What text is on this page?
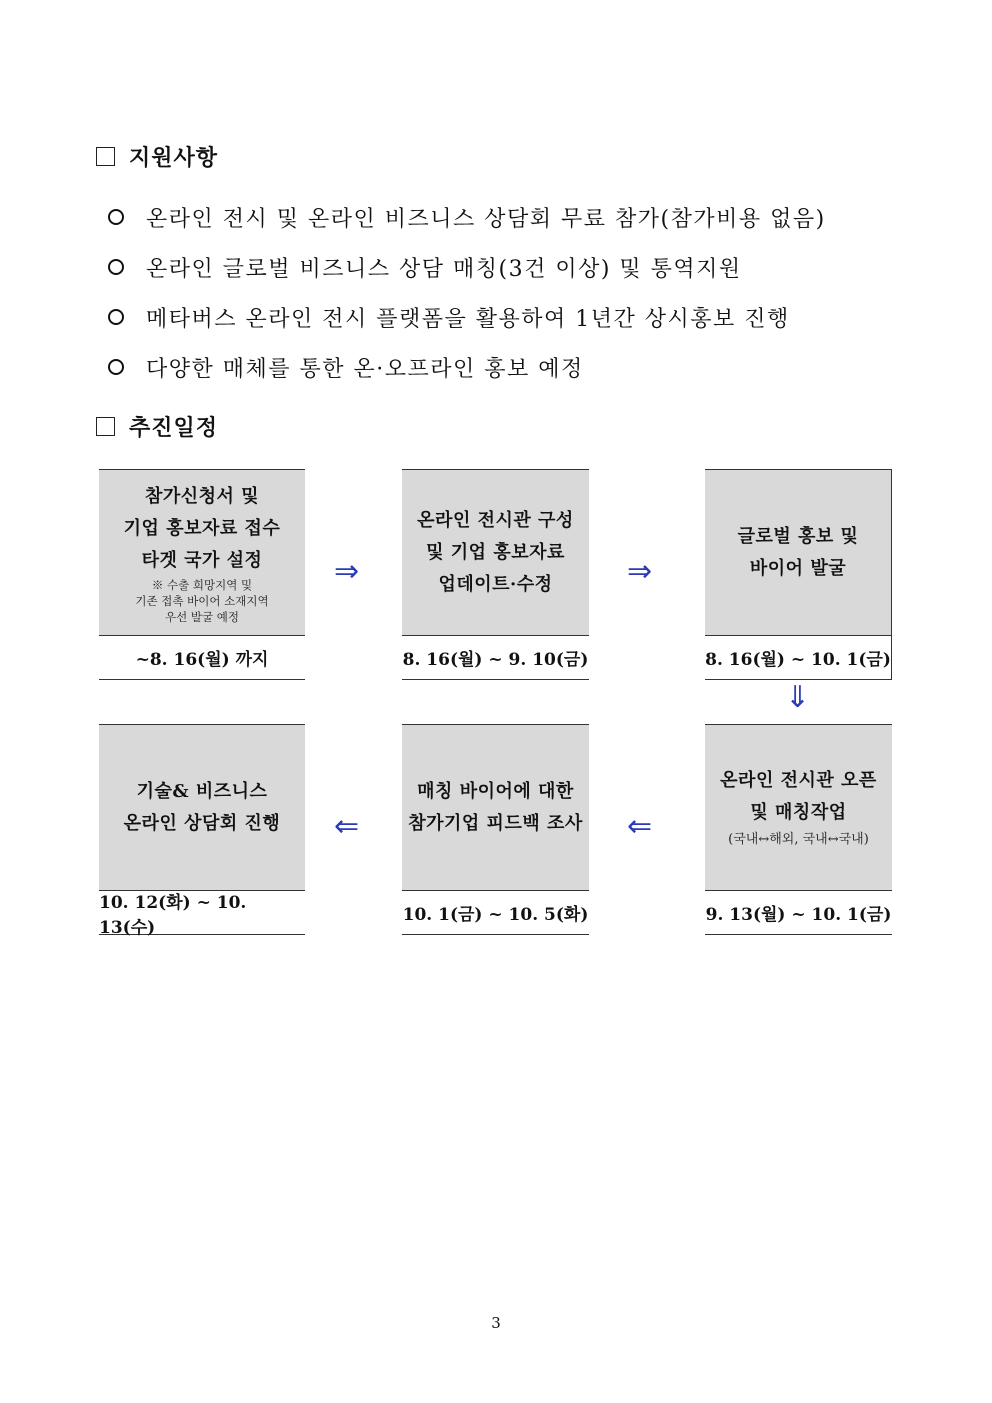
지원사항
온라인 전시 및 온라인 비즈니스 상담회 무료 참가(참가비용 없음)
온라인 글로벌 비즈니스 상담 매칭(3건 이상) 및 통역지원
메타버스 온라인 전시 플랫폼을 활용하여 1년간 상시홍보 진행
다양한 매체를 통한 온·오프라인 홍보 예정
추진일정
참가신청서 및
기업 홍보자료 접수
타겟 국가 설정
※ 수출 희망지역 및
기존 접촉 바이어 소재지역
우선 발굴 예정
~8. 16(월) 까지
⇒
온라인 전시관 구성
및 기업 홍보자료
업데이트·수정
8. 16(월) ~ 9. 10(금)
⇒
글로벌 홍보 및
바이어 발굴
8. 16(월) ~ 10. 1(금)
⇓
기술& 비즈니스
온라인 상담회 진행
10. 12(화) ~ 10. 13(수)
⇐
매칭 바이어에 대한
참가기업 피드백 조사
10. 1(금) ~ 10. 5(화)
⇐
온라인 전시관 오픈
및 매칭작업
(국내↔해외, 국내↔국내)
9. 13(월) ~ 10. 1(금)
3
